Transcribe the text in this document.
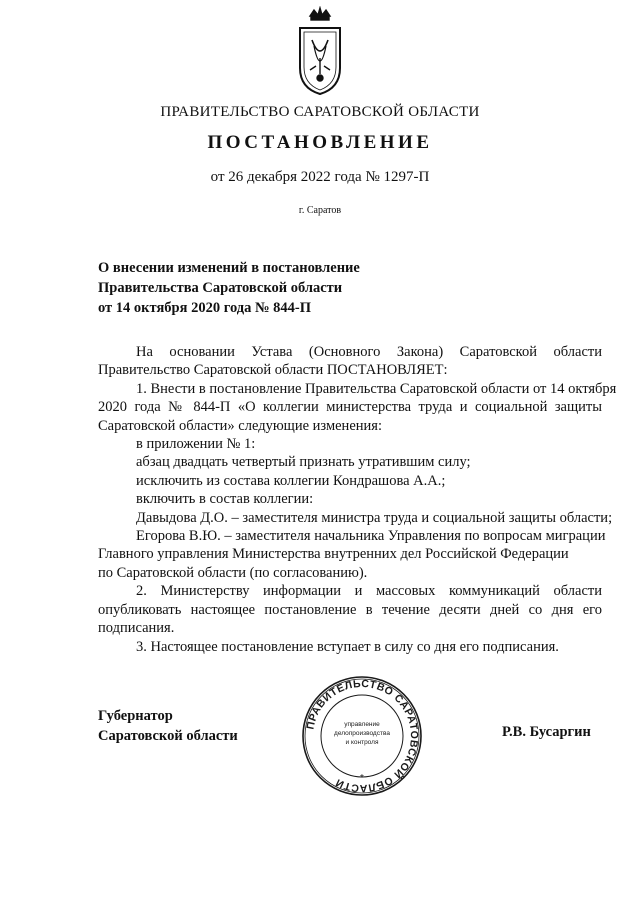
ПРАВИТЕЛЬСТВО САРАТОВСКОЙ ОБЛАСТИ
ПОСТАНОВЛЕНИЕ
от 26 декабря 2022 года № 1297-П
г. Саратов
О внесении изменений в постановление
Правительства Саратовской области
от 14 октября 2020 года № 844-П
На основании Устава (Основного Закона) Саратовской области
Правительство Саратовской области ПОСТАНОВЛЯЕТ:
1. Внести в постановление Правительства Саратовской области от 14 октября
2020 года № 844-П «О коллегии министерства труда и социальной защиты
Саратовской области» следующие изменения:
в приложении № 1:
абзац двадцать четвертый признать утратившим силу;
исключить из состава коллегии Кондрашова А.А.;
включить в состав коллегии:
Давыдова Д.О. – заместителя министра труда и социальной защиты области;
Егорова В.Ю. – заместителя начальника Управления по вопросам миграции
Главного управления Министерства внутренних дел Российской Федерации
по Саратовской области (по согласованию).
2. Министерству информации и массовых коммуникаций области
опубликовать настоящее постановление в течение десяти дней со дня его
подписания.
3. Настоящее постановление вступает в силу со дня его подписания.
Губернатор
Саратовской области
ПРАВИТЕЛЬСТВО САРАТОВСКОЙ ОБЛАСТИ
управление
делопроизводства
и контроля
*
Р.В. Бусаргин
